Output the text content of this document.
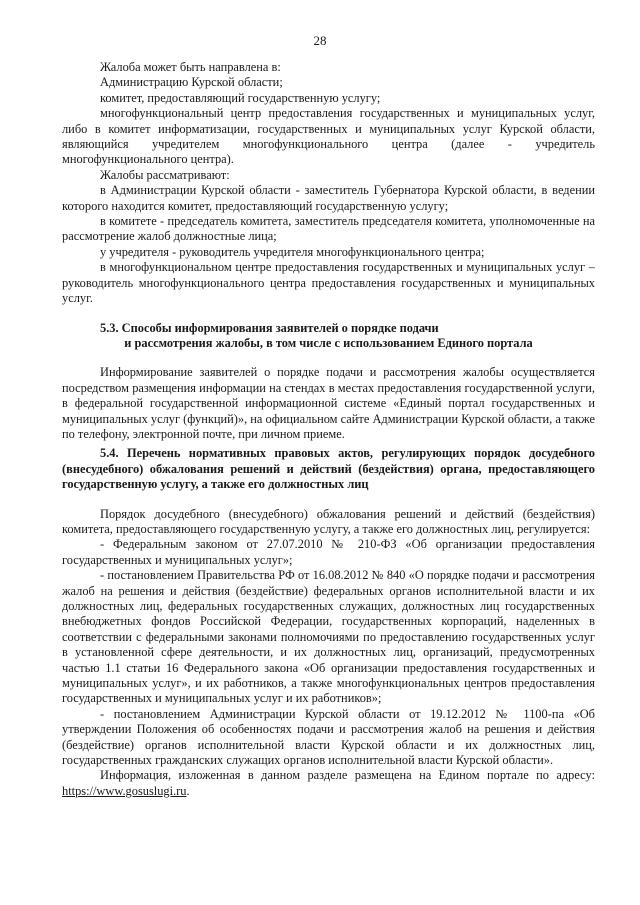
28

Жалоба может быть направлена в:

Администрацию Курской области;

комитет, предоставляющий государственную услугу;

многофункциональный центр предоставления государственных и муниципальных услуг, либо в комитет информатизации, государственных и муниципальных услуг Курской области, являющийся учредителем многофункционального центра (далее - учредитель многофункционального центра).

Жалобы рассматривают:

в Администрации Курской области - заместитель Губернатора Курской области, в ведении которого находится комитет, предоставляющий государственную услугу;

в комитете - председатель комитета, заместитель председателя комитета, уполномоченные на рассмотрение жалоб должностные лица;

у учредителя - руководитель учредителя многофункционального центра;

в многофункциональном центре предоставления государственных и муниципальных услуг – руководитель многофункционального центра предоставления государственных и муниципальных услуг.

5.3. Способы информирования заявителей о порядке подачи

и рассмотрения жалобы, в том числе с использованием Единого портала

Информирование заявителей о порядке подачи и рассмотрения жалобы осуществляется посредством размещения информации на стендах в местах предоставления государственной услуги, в федеральной государственной информационной системе «Единый портал государственных и муниципальных услуг (функций)», на официальном сайте Администрации Курской области, а также по телефону, электронной почте, при личном приеме.

5.4. Перечень нормативных правовых актов, регулирующих порядок досудебного (внесудебного) обжалования решений и действий (бездействия) органа, предоставляющего государственную услугу, а также его должностных лиц

Порядок досудебного (внесудебного) обжалования решений и действий (бездействия) комитета, предоставляющего государственную услугу, а также его должностных лиц, регулируется:

- Федеральным законом от 27.07.2010 № 210-ФЗ «Об организации предоставления государственных и муниципальных услуг»;

- постановлением Правительства РФ от 16.08.2012 № 840 «О порядке подачи и рассмотрения жалоб на решения и действия (бездействие) федеральных органов исполнительной власти и их должностных лиц, федеральных государственных служащих, должностных лиц государственных внебюджетных фондов Российской Федерации, государственных корпораций, наделенных в соответствии с федеральными законами полномочиями по предоставлению государственных услуг в установленной сфере деятельности, и их должностных лиц, организаций, предусмотренных частью 1.1 статьи 16 Федерального закона «Об организации предоставления государственных и муниципальных услуг», и их работников, а также многофункциональных центров предоставления государственных и муниципальных услуг и их работников»;

- постановлением Администрации Курской области от 19.12.2012 № 1100-па «Об утверждении Положения об особенностях подачи и рассмотрения жалоб на решения и действия (бездействие) органов исполнительной власти Курской области и их должностных лиц, государственных гражданских служащих органов исполнительной власти Курской области».

Информация, изложенная в данном разделе размещена на Едином портале по адресу: https://www.gosuslugi.ru.
